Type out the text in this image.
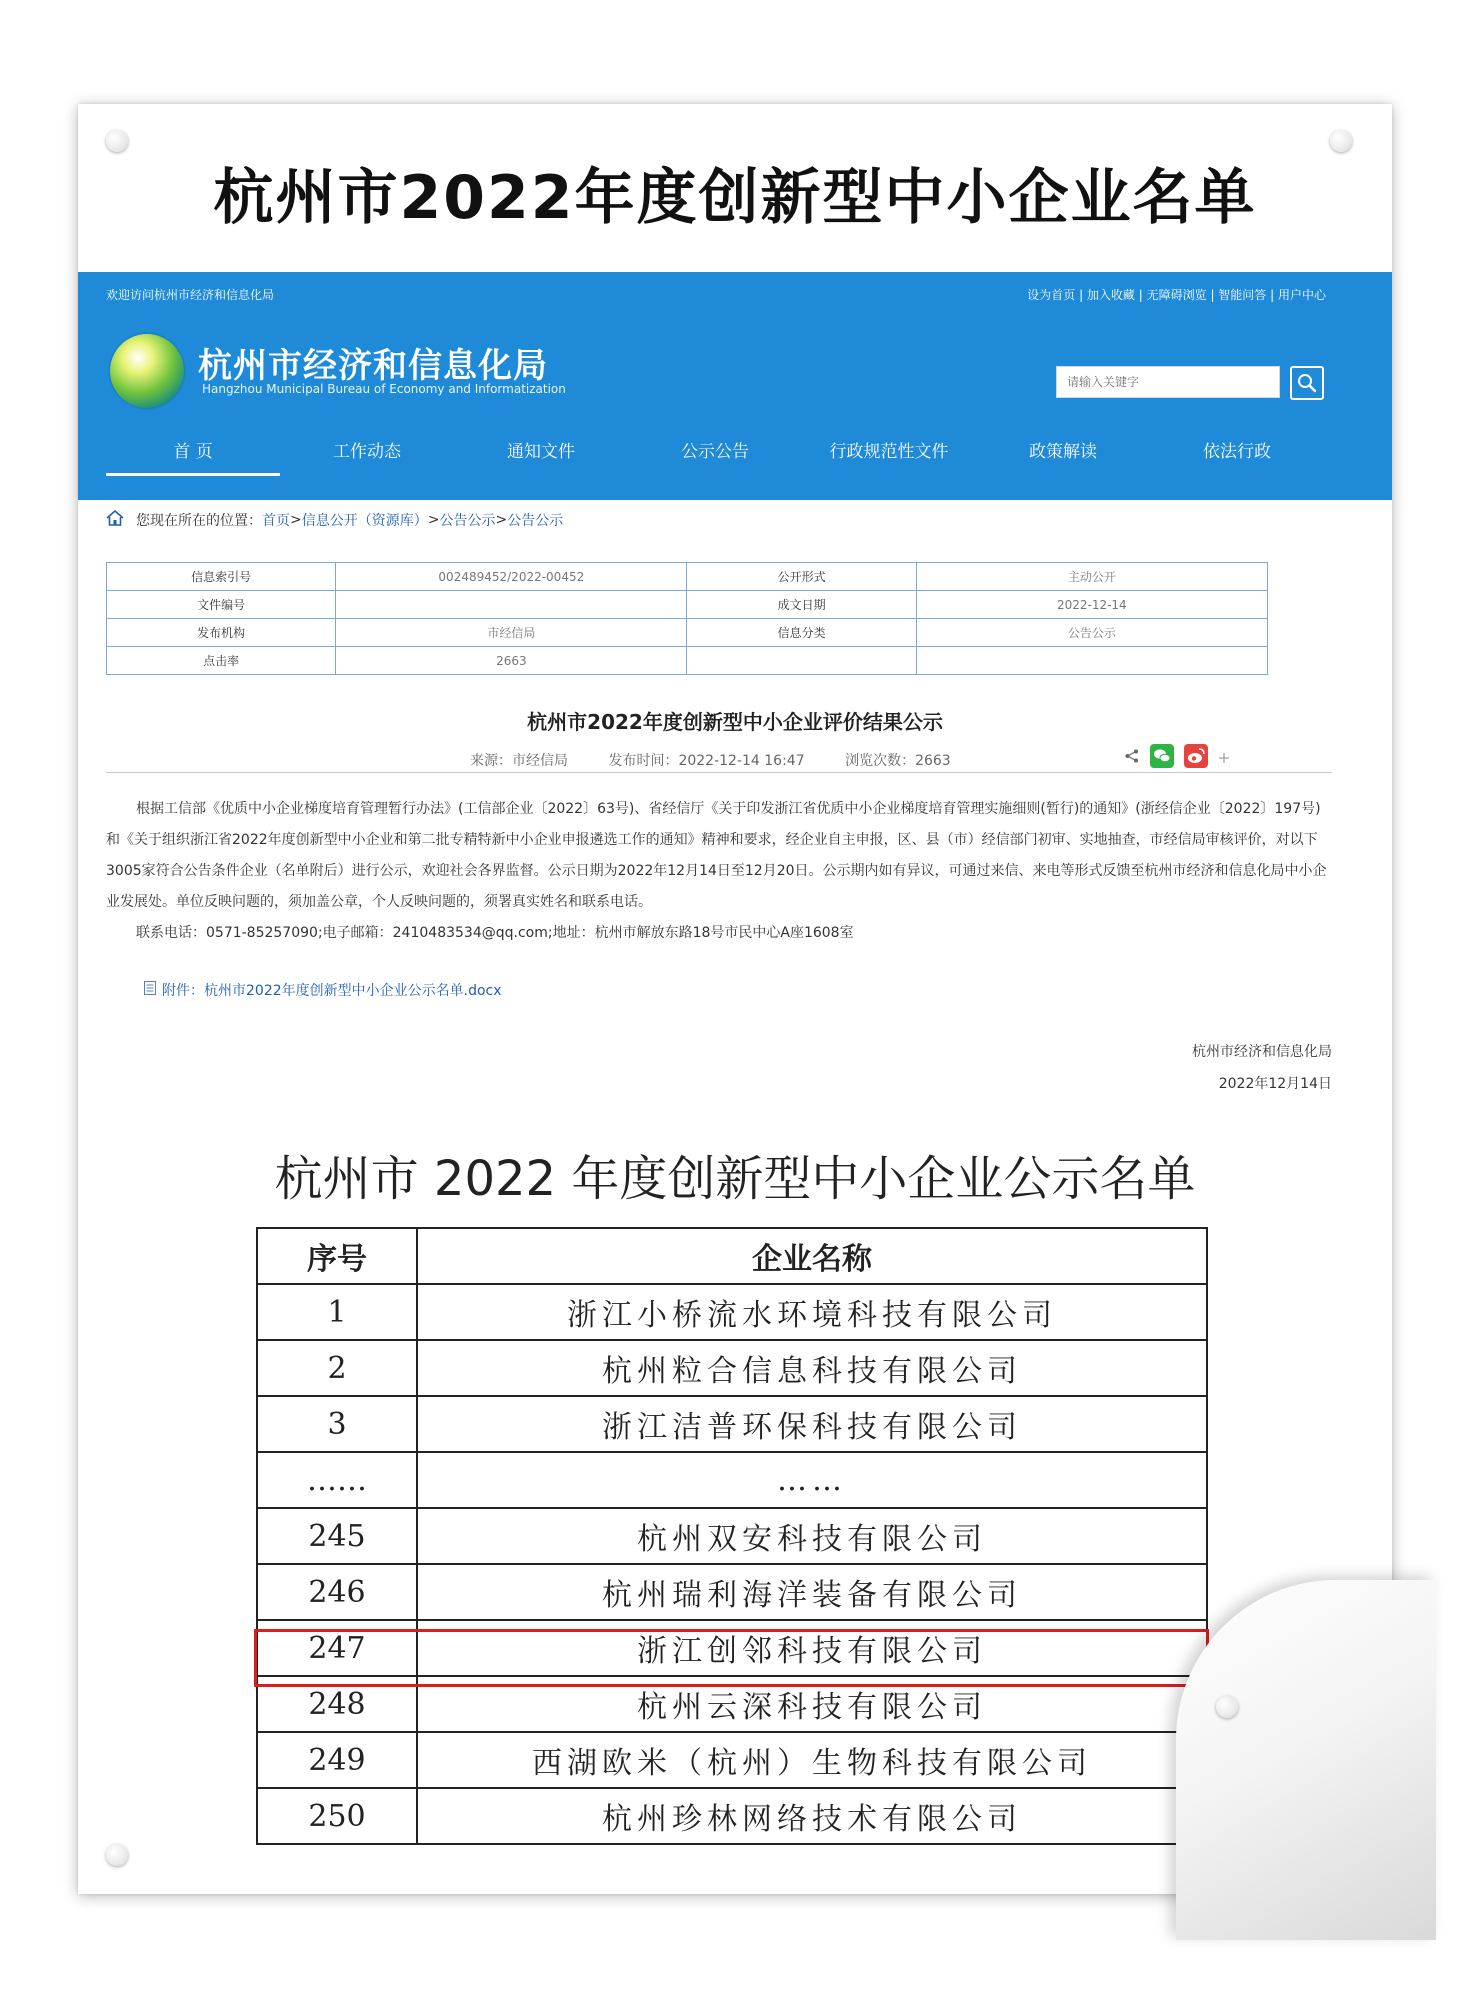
杭州市2022年度创新型中小企业名单
欢迎访问杭州市经济和信息化局	设为首页 | 加入收藏 | 无障碍浏览 | 智能问答 | 用户中心
杭州市经济和信息化局
Hangzhou Municipal Bureau of Economy and Informatization
请输入关键字
首 页	工作动态	通知文件	公示公告	行政规范性文件	政策解读	依法行政
您现在所在的位置： 首页 > 信息公开（资源库） > 公告公示 > 公告公示
信息索引号	002489452/2022-00452	公开形式	主动公开
文件编号		成文日期	2022-12-14
发布机构	市经信局	信息分类	公告公示
点击率	2663		
杭州市2022年度创新型中小企业评价结果公示
来源：市经信局	发布时间：2022-12-14 16:47	浏览次数：2663

根据工信部《优质中小企业梯度培育管理暂行办法》(工信部企业〔2022〕63号)、省经信厅《关于印发浙江省优质中小企业梯度培育管理实施细则(暂行)的通知》(浙经信企业〔2022〕197号)和《关于组织浙江省2022年度创新型中小企业和第二批专精特新中小企业申报遴选工作的通知》精神和要求，经企业自主申报，区、县（市）经信部门初审、实地抽查，市经信局审核评价，对以下3005家符合公告条件企业（名单附后）进行公示，欢迎社会各界监督。公示日期为2022年12月14日至12月20日。公示期内如有异议，可通过来信、来电等形式反馈至杭州市经济和信息化局中小企业发展处。单位反映问题的，须加盖公章，个人反映问题的，须署真实姓名和联系电话。

联系电话：0571-85257090;电子邮箱：2410483534@qq.com;地址：杭州市解放东路18号市民中心A座1608室

附件：杭州市2022年度创新型中小企业公示名单.docx
杭州市经济和信息化局
2022年12月14日
杭州市 2022 年度创新型中小企业公示名单
序号	企业名称
1	浙江小桥流水环境科技有限公司
2	杭州粒合信息科技有限公司
3	浙江洁普环保科技有限公司
……	……
245	杭州双安科技有限公司
246	杭州瑞利海洋装备有限公司
247	浙江创邻科技有限公司
248	杭州云深科技有限公司
249	西湖欧米（杭州）生物科技有限公司
250	杭州珍林网络技术有限公司
